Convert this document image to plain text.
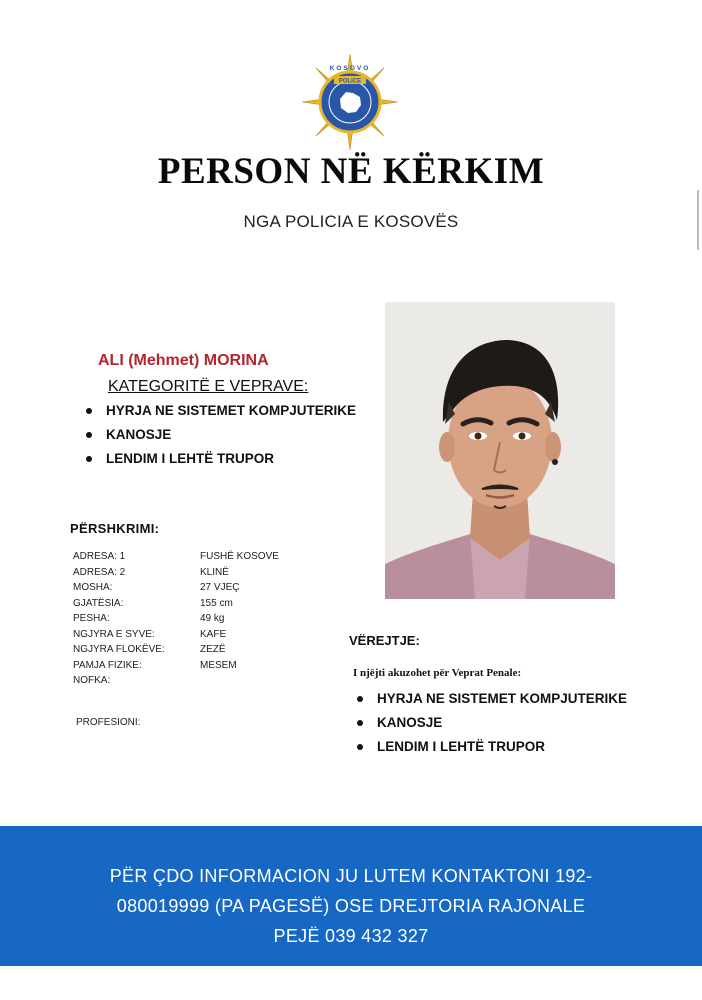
POLICE
KOSOVO
PERSON NË KËRKIM
NGA POLICIA E KOSOVËS
ALI (Mehmet) MORINA
KATEGORITË E VEPRAVE:
HYRJA NE SISTEMET KOMPJUTERIKE
KANOSJE
LENDIM I LEHTË TRUPOR
PËRSHKRIMI:
ADRESA: 1	FUSHË KOSOVE
ADRESA: 2	KLINË
MOSHA:	27 VJEÇ
GJATËSIA:	155 cm
PESHA:	49 kg
NGJYRA E SYVE:	KAFE
NGJYRA FLOKËVE:	ZEZË
PAMJA FIZIKE:	MESEM
NOFKA:
PROFESIONI:
VËREJTJE:
I njëjti akuzohet për Veprat Penale:
HYRJA NE SISTEMET KOMPJUTERIKE
KANOSJE
LENDIM I LEHTË TRUPOR
PËR ÇDO INFORMACION JU LUTEM KONTAKTONI 192-
080019999 (PA PAGESË) OSE DREJTORIA RAJONALE
PEJË 039 432 327
